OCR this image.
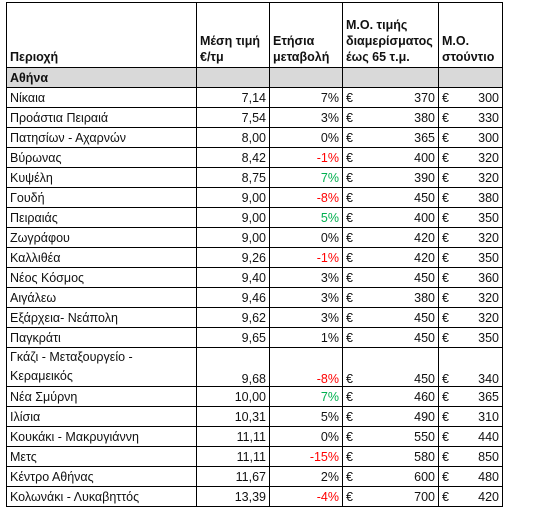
Περιοχή	Μέση τιμή €/τμ	Ετήσια μεταβολή	Μ.Ο. τιμής διαμερίσματος έως 65 τ.μ.		Μ.Ο. στούντιο	
Αθήνα						
Νίκαια	7,14	7%	€	370	€	300
Προάστια Πειραιά	7,54	3%	€	380	€	330
Πατησίων - Αχαρνών	8,00	0%	€	365	€	300
Βύρωνας	8,42	-1%	€	400	€	320
Κυψέλη	8,75	7%	€	390	€	320
Γουδή	9,00	-8%	€	450	€	380
Πειραιάς	9,00	5%	€	400	€	350
Ζωγράφου	9,00	0%	€	420	€	320
Καλλιθέα	9,26	-1%	€	420	€	350
Νέος Κόσμος	9,40	3%	€	450	€	360
Αιγάλεω	9,46	3%	€	380	€	320
Εξάρχεια- Νεάπολη	9,62	3%	€	450	€	320
Παγκράτι	9,65	1%	€	450	€	350

Γκάζι - Μεταξουργείο -
Κεραμεικός	9,68	-8%	€	450	€	340
Νέα Σμύρνη	10,00	7%	€	460	€	365
Ιλίσια	10,31	5%	€	490	€	310
Κουκάκι - Μακρυγιάννη	11,11	0%	€	550	€	440
Μετς	11,11	-15%	€	580	€	850
Κέντρο Αθήνας	11,67	2%	€	600	€	480
Κολωνάκι - Λυκαβηττός	13,39	-4%	€	700	€	420
